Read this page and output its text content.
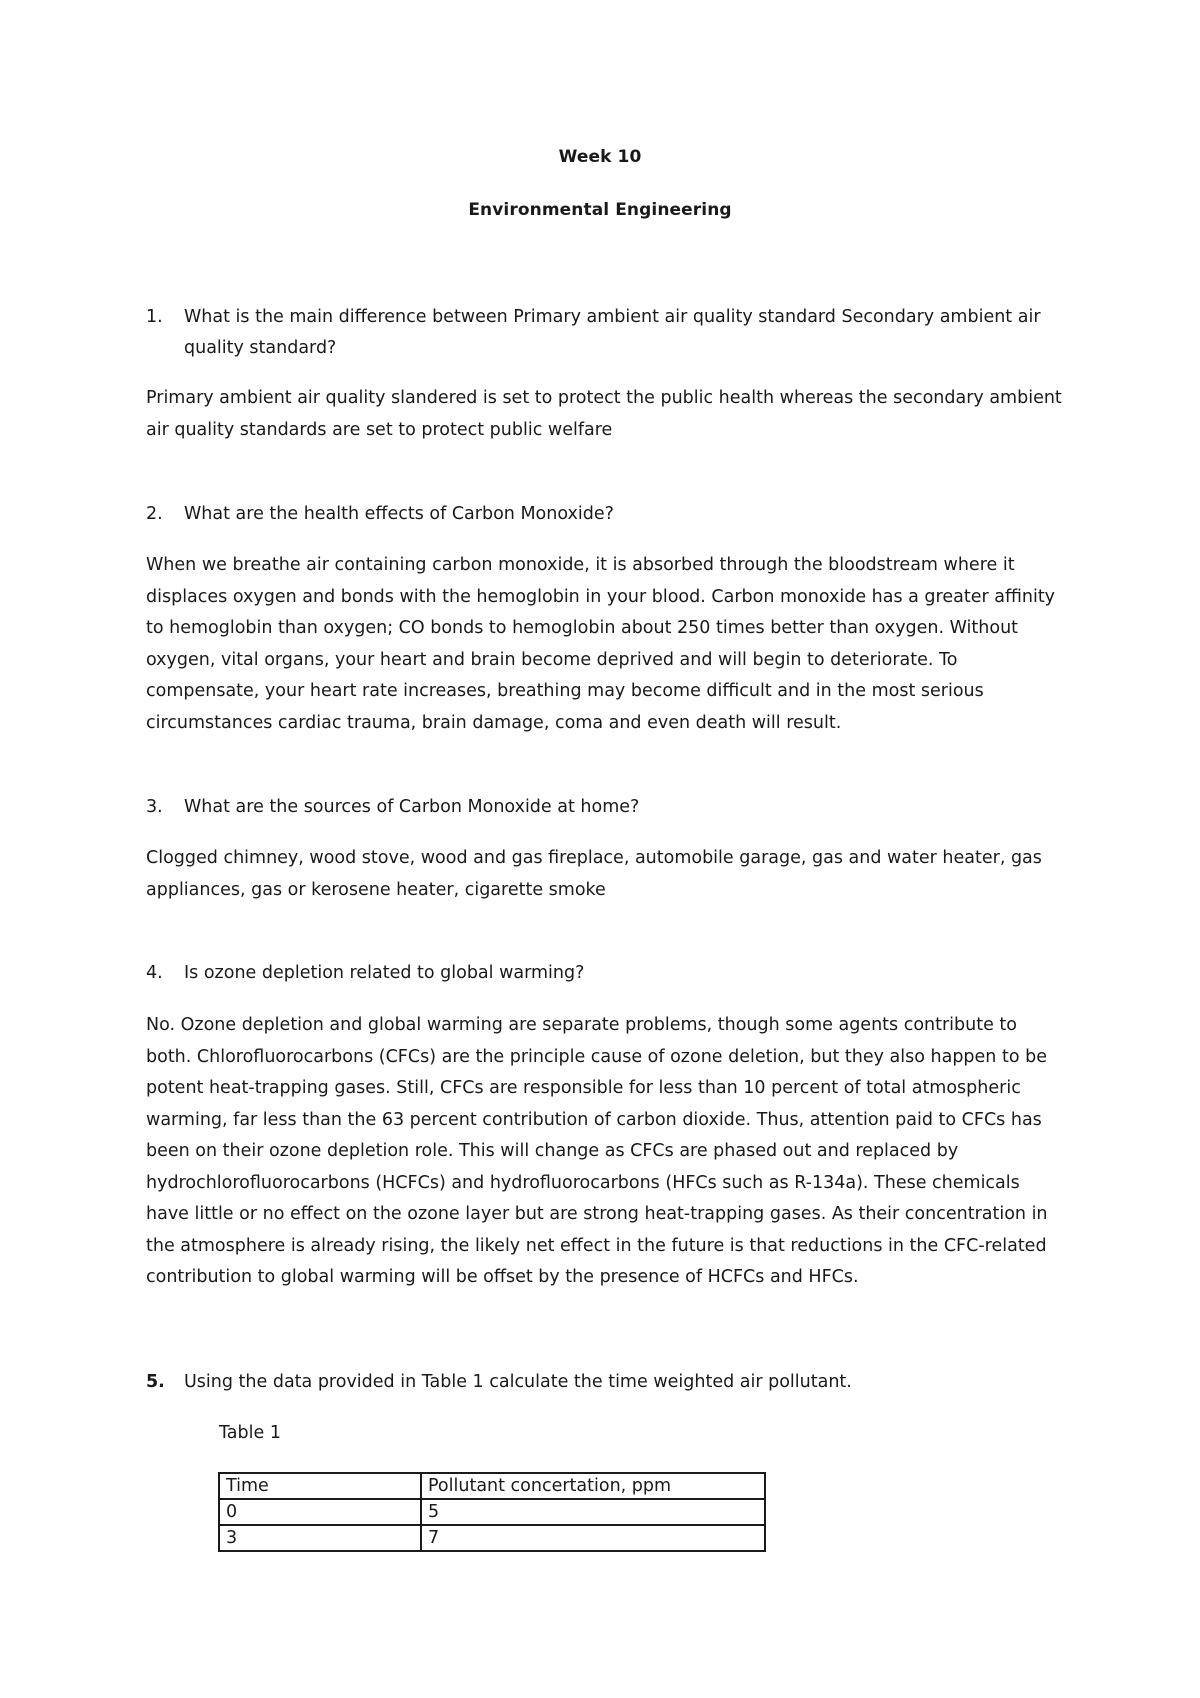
Week 10
Environmental Engineering
1. What is the main difference between Primary ambient air quality standard Secondary ambient air quality standard?
Primary ambient air quality slandered is set to protect the public health whereas the secondary ambient air quality standards are set to protect public welfare
2. What are the health effects of Carbon Monoxide?
When we breathe air containing carbon monoxide, it is absorbed through the bloodstream where it displaces oxygen and bonds with the hemoglobin in your blood. Carbon monoxide has a greater affinity to hemoglobin than oxygen; CO bonds to hemoglobin about 250 times better than oxygen. Without oxygen, vital organs, your heart and brain become deprived and will begin to deteriorate. To compensate, your heart rate increases, breathing may become difficult and in the most serious circumstances cardiac trauma, brain damage, coma and even death will result.
3. What are the sources of Carbon Monoxide at home?
Clogged chimney, wood stove, wood and gas fireplace, automobile garage, gas and water heater, gas appliances, gas or kerosene heater, cigarette smoke
4. Is ozone depletion related to global warming?
No. Ozone depletion and global warming are separate problems, though some agents contribute to both. Chlorofluorocarbons (CFCs) are the principle cause of ozone deletion, but they also happen to be potent heat-trapping gases. Still, CFCs are responsible for less than 10 percent of total atmospheric warming, far less than the 63 percent contribution of carbon dioxide. Thus, attention paid to CFCs has been on their ozone depletion role. This will change as CFCs are phased out and replaced by hydrochlorofluorocarbons (HCFCs) and hydrofluorocarbons (HFCs such as R-134a). These chemicals have little or no effect on the ozone layer but are strong heat-trapping gases. As their concentration in the atmosphere is already rising, the likely net effect in the future is that reductions in the CFC-related contribution to global warming will be offset by the presence of HCFCs and HFCs.
5. Using the data provided in Table 1 calculate the time weighted air pollutant.
Table 1
Time	Pollutant concertation, ppm
0	5
3	7
